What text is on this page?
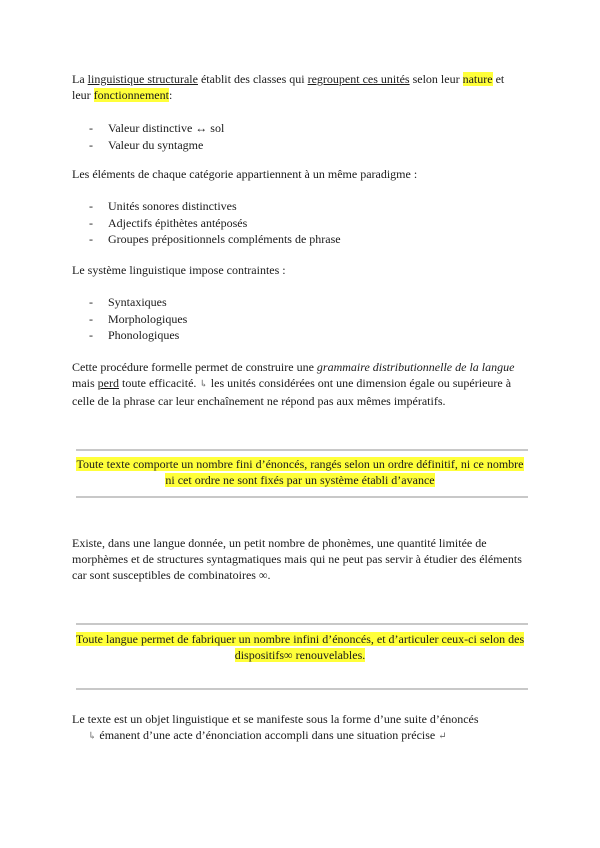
La linguistique structurale établit des classes qui regroupent ces unités selon leur nature et

leur fonctionnement:

- Valeur distinctive ↔ sol
- Valeur du syntagme

Les éléments de chaque catégorie appartiennent à un même paradigme :

- Unités sonores distinctives
- Adjectifs épithètes antéposés
- Groupes prépositionnels compléments de phrase

Le système linguistique impose contraintes :

- Syntaxiques
- Morphologiques
- Phonologiques

Cette procédure formelle permet de construire une grammaire distributionnelle de la langue

mais perd toute efficacité. ↳ les unités considérées ont une dimension égale ou supérieure à

celle de la phrase car leur enchaînement ne répond pas aux mêmes impératifs.

Toute texte comporte un nombre fini d’énoncés, rangés selon un ordre définitif, ni ce nombre

ni cet ordre ne sont fixés par un système établi d’avance

Existe, dans une langue donnée, un petit nombre de phonèmes, une quantité limitée de

morphèmes et de structures syntagmatiques mais qui ne peut pas servir à étudier des éléments

car sont susceptibles de combinatoires ∞.

Toute langue permet de fabriquer un nombre infini d’énoncés, et d’articuler ceux-ci selon des

dispositifs∞ renouvelables.

Le texte est un objet linguistique et se manifeste sous la forme d’une suite d’énoncés

↳ émanent d’une acte d’énonciation accompli dans une situation précise ↵
